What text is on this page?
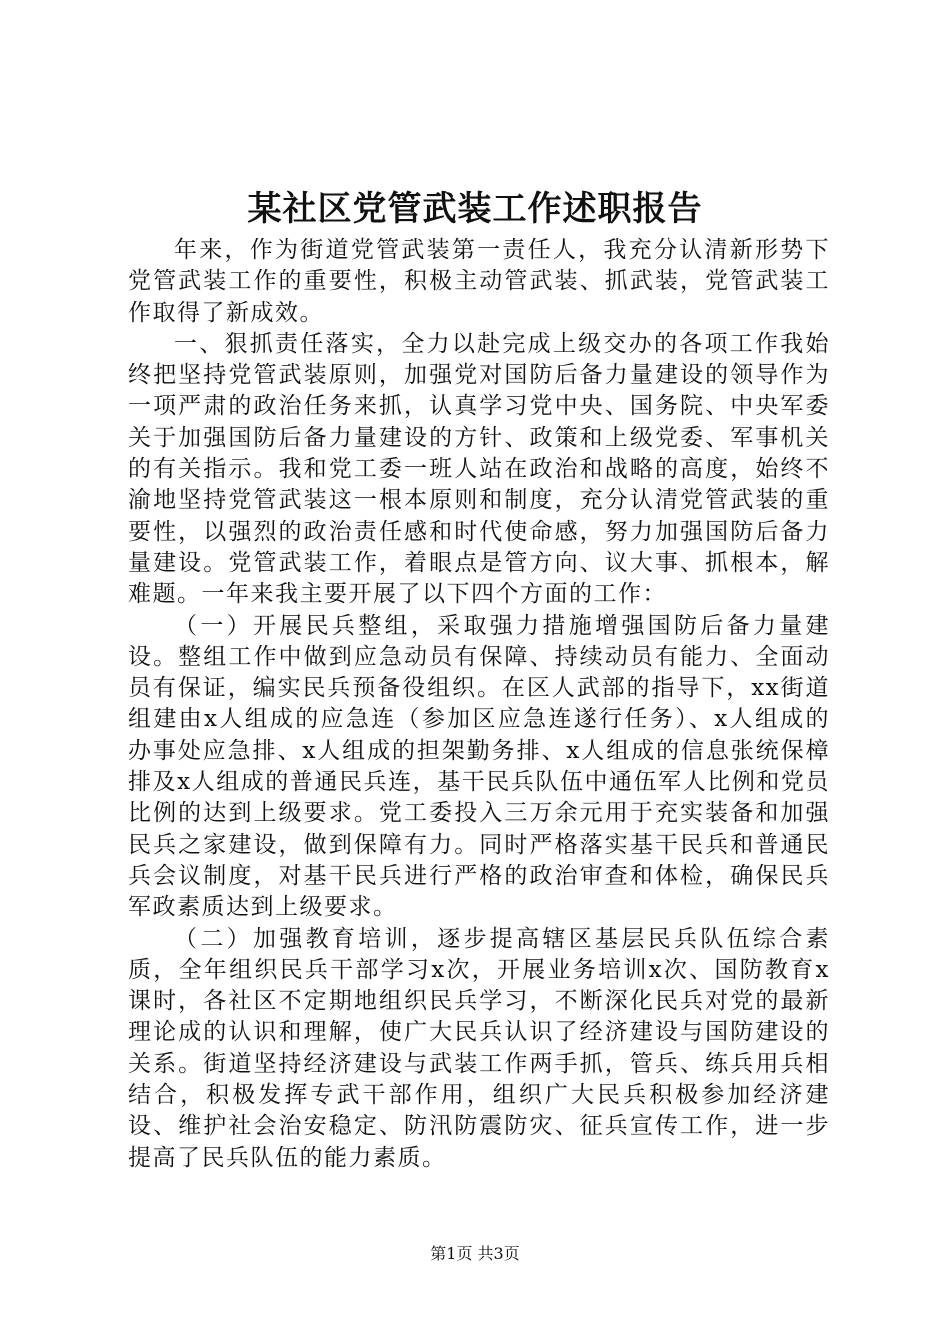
某社区党管武装工作述职报告

年来，作为街道党管武装第一责任人，我充分认清新形势下党管武装工作的重要性，积极主动管武装、抓武装，党管武装工作取得了新成效。

一、狠抓责任落实，全力以赴完成上级交办的各项工作我始终把坚持党管武装原则，加强党对国防后备力量建设的领导作为一项严肃的政治任务来抓，认真学习党中央、国务院、中央军委关于加强国防后备力量建设的方针、政策和上级党委、军事机关的有关指示。我和党工委一班人站在政治和战略的高度，始终不渝地坚持党管武装这一根本原则和制度，充分认清党管武装的重要性，以强烈的政治责任感和时代使命感，努力加强国防后备力量建设。党管武装工作，着眼点是管方向、议大事、抓根本，解难题。一年来我主要开展了以下四个方面的工作：

（一）开展民兵整组，采取强力措施增强国防后备力量建设。整组工作中做到应急动员有保障、持续动员有能力、全面动员有保证，编实民兵预备役组织。在区人武部的指导下，xx街道组建由x人组成的应急连（参加区应急连遂行任务）、x人组成的办事处应急排、x人组成的担架勤务排、x人组成的信息张统保樟排及x人组成的普通民兵连，基干民兵队伍中通伍军人比例和党员比例的达到上级要求。党工委投入三万余元用于充实装备和加强民兵之家建设，做到保障有力。同时严格落实基干民兵和普通民兵会议制度，对基干民兵进行严格的政治审查和体检，确保民兵军政素质达到上级要求。

（二）加强教育培训，逐步提高辖区基层民兵队伍综合素质，全年组织民兵干部学习x次，开展业务培训x次、国防教育x课时，各社区不定期地组织民兵学习，不断深化民兵对党的最新理论成的认识和理解，使广大民兵认识了经济建设与国防建设的关系。街道坚持经济建设与武装工作两手抓，管兵、练兵用兵相结合，积极发挥专武干部作用，组织广大民兵积极参加经济建设、维护社会治安稳定、防汛防震防灾、征兵宣传工作，进一步提高了民兵队伍的能力素质。

第1页 共3页
